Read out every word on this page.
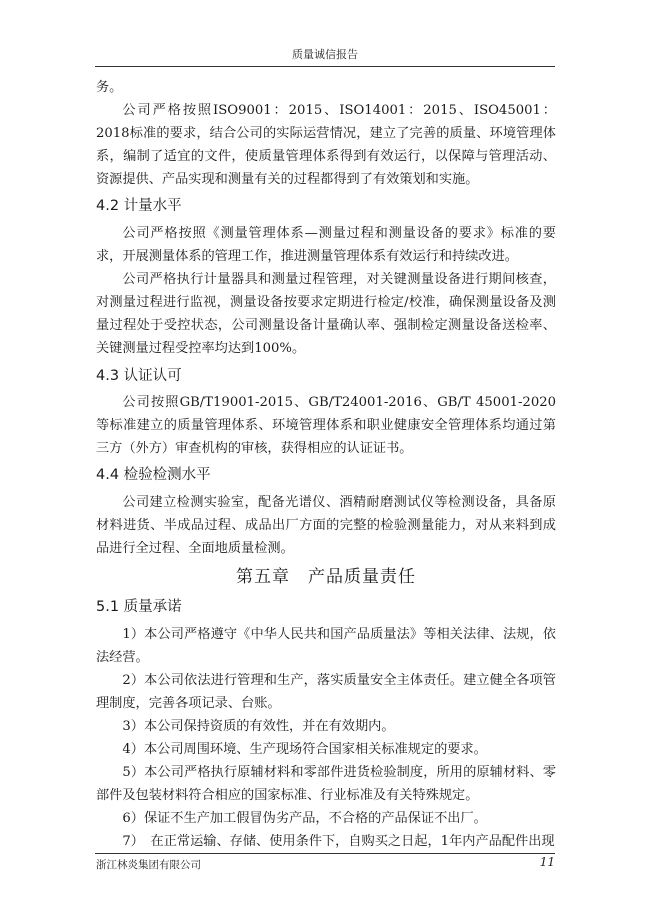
质量诚信报告

务。

公司严格按照ISO9001：2015、ISO14001：2015、ISO45001：2018标准的要求，结合公司的实际运营情况，建立了完善的质量、环境管理体系，编制了适宜的文件，使质量管理体系得到有效运行，以保障与管理活动、资源提供、产品实现和测量有关的过程都得到了有效策划和实施。

4.2 计量水平

公司严格按照《测量管理体系—测量过程和测量设备的要求》标准的要求，开展测量体系的管理工作，推进测量管理体系有效运行和持续改进。

公司严格执行计量器具和测量过程管理，对关键测量设备进行期间核查，对测量过程进行监视，测量设备按要求定期进行检定/校准，确保测量设备及测量过程处于受控状态，公司测量设备计量确认率、强制检定测量设备送检率、关键测量过程受控率均达到100%。

4.3 认证认可

公司按照GB/T19001-2015、GB/T24001-2016、GB/T 45001-2020等标准建立的质量管理体系、环境管理体系和职业健康安全管理体系均通过第三方（外方）审查机构的审核，获得相应的认证证书。

4.4 检验检测水平

公司建立检测实验室，配备光谱仪、酒精耐磨测试仪等检测设备，具备原材料进货、半成品过程、成品出厂方面的完整的检验测量能力，对从来料到成品进行全过程、全面地质量检测。

第五章　产品质量责任
5.1 质量承诺

1）本公司严格遵守《中华人民共和国产品质量法》等相关法律、法规，依法经营。

2）本公司依法进行管理和生产，落实质量安全主体责任。建立健全各项管理制度，完善各项记录、台账。

3）本公司保持资质的有效性，并在有效期内。

4）本公司周围环境、生产现场符合国家相关标准规定的要求。

5）本公司严格执行原辅材料和零部件进货检验制度，所用的原辅材料、零部件及包装材料符合相应的国家标准、行业标准及有关特殊规定。

6）保证不生产加工假冒伪劣产品，不合格的产品保证不出厂。

7）　在正常运输、存储、使用条件下，自购买之日起，1年内产品配件出现

浙江林炎集团有限公司	11
